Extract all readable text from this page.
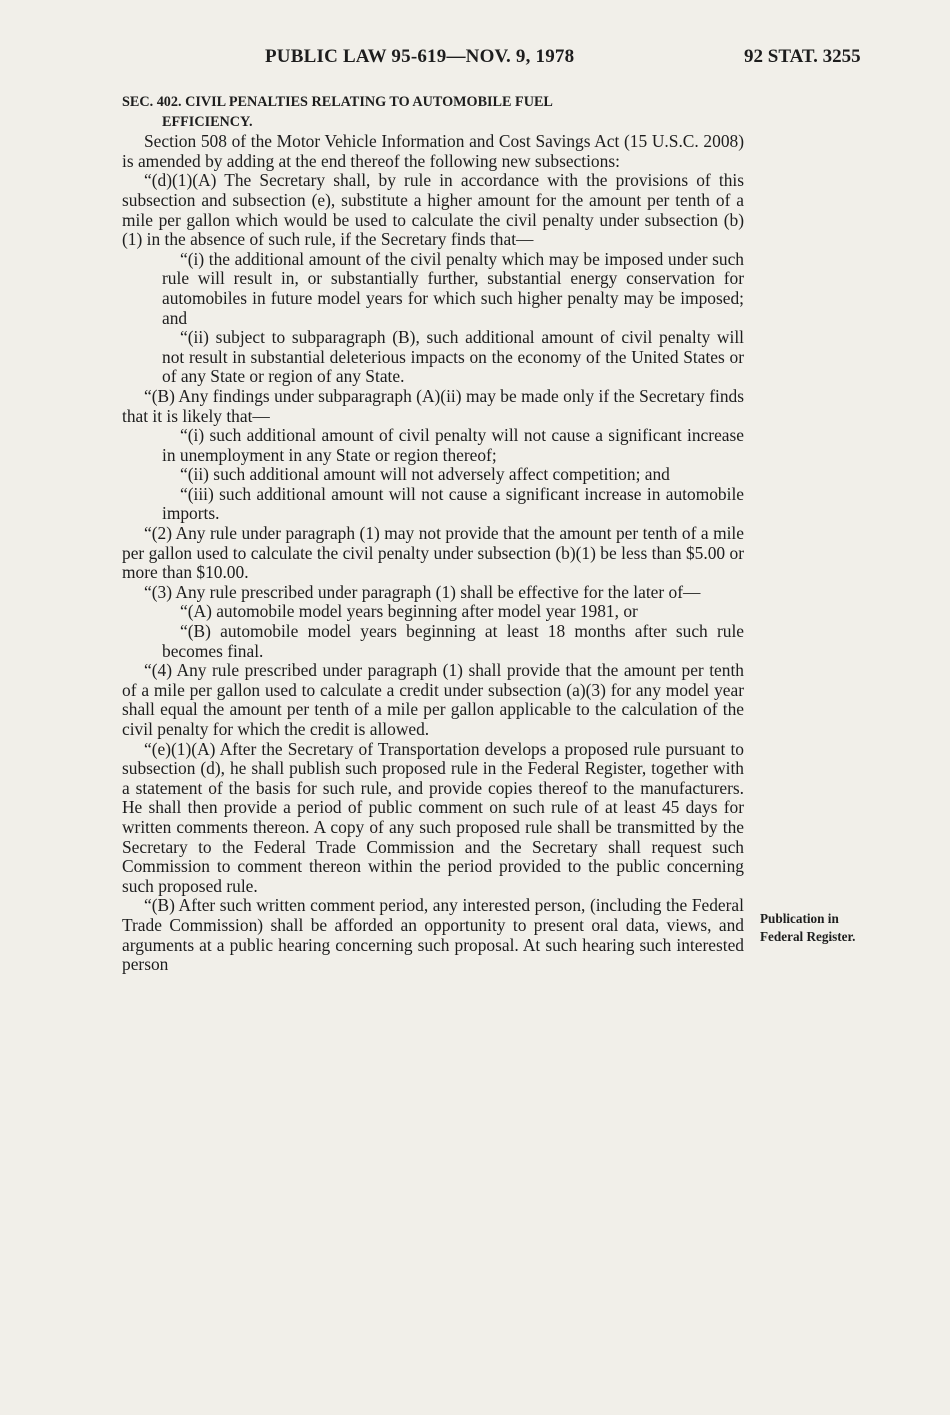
PUBLIC LAW 95-619—NOV. 9, 1978	92 STAT. 3255
SEC. 402. CIVIL PENALTIES RELATING TO AUTOMOBILE FUEL
EFFICIENCY.

Section 508 of the Motor Vehicle Information and Cost Savings Act (15 U.S.C. 2008) is amended by adding at the end thereof the following new subsections:

“(d)(1)(A) The Secretary shall, by rule in accordance with the provisions of this subsection and subsection (e), substitute a higher amount for the amount per tenth of a mile per gallon which would be used to calculate the civil penalty under subsection (b)(1) in the absence of such rule, if the Secretary finds that—

“(i) the additional amount of the civil penalty which may be imposed under such rule will result in, or substantially further, substantial energy conservation for automobiles in future model years for which such higher penalty may be imposed; and

“(ii) subject to subparagraph (B), such additional amount of civil penalty will not result in substantial deleterious impacts on the economy of the United States or of any State or region of any State.

“(B) Any findings under subparagraph (A)(ii) may be made only if the Secretary finds that it is likely that—

“(i) such additional amount of civil penalty will not cause a significant increase in unemployment in any State or region thereof;

“(ii) such additional amount will not adversely affect competition; and

“(iii) such additional amount will not cause a significant increase in automobile imports.

“(2) Any rule under paragraph (1) may not provide that the amount per tenth of a mile per gallon used to calculate the civil penalty under subsection (b)(1) be less than $5.00 or more than $10.00.

“(3) Any rule prescribed under paragraph (1) shall be effective for the later of—

“(A) automobile model years beginning after model year 1981, or

“(B) automobile model years beginning at least 18 months after such rule becomes final.

“(4) Any rule prescribed under paragraph (1) shall provide that the amount per tenth of a mile per gallon used to calculate a credit under subsection (a)(3) for any model year shall equal the amount per tenth of a mile per gallon applicable to the calculation of the civil penalty for which the credit is allowed.

“(e)(1)(A) After the Secretary of Transportation develops a proposed rule pursuant to subsection (d), he shall publish such proposed rule in the Federal Register, together with a statement of the basis for such rule, and provide copies thereof to the manufacturers. He shall then provide a period of public comment on such rule of at least 45 days for written comments thereon. A copy of any such proposed rule shall be transmitted by the Secretary to the Federal Trade Commission and the Secretary shall request such Commission to comment thereon within the period provided to the public concerning such proposed rule.

“(B) After such written comment period, any interested person, (including the Federal Trade Commission) shall be afforded an opportunity to present oral data, views, and arguments at a public hearing concerning such proposal. At such hearing such interested person

Publication in
Federal Register.
